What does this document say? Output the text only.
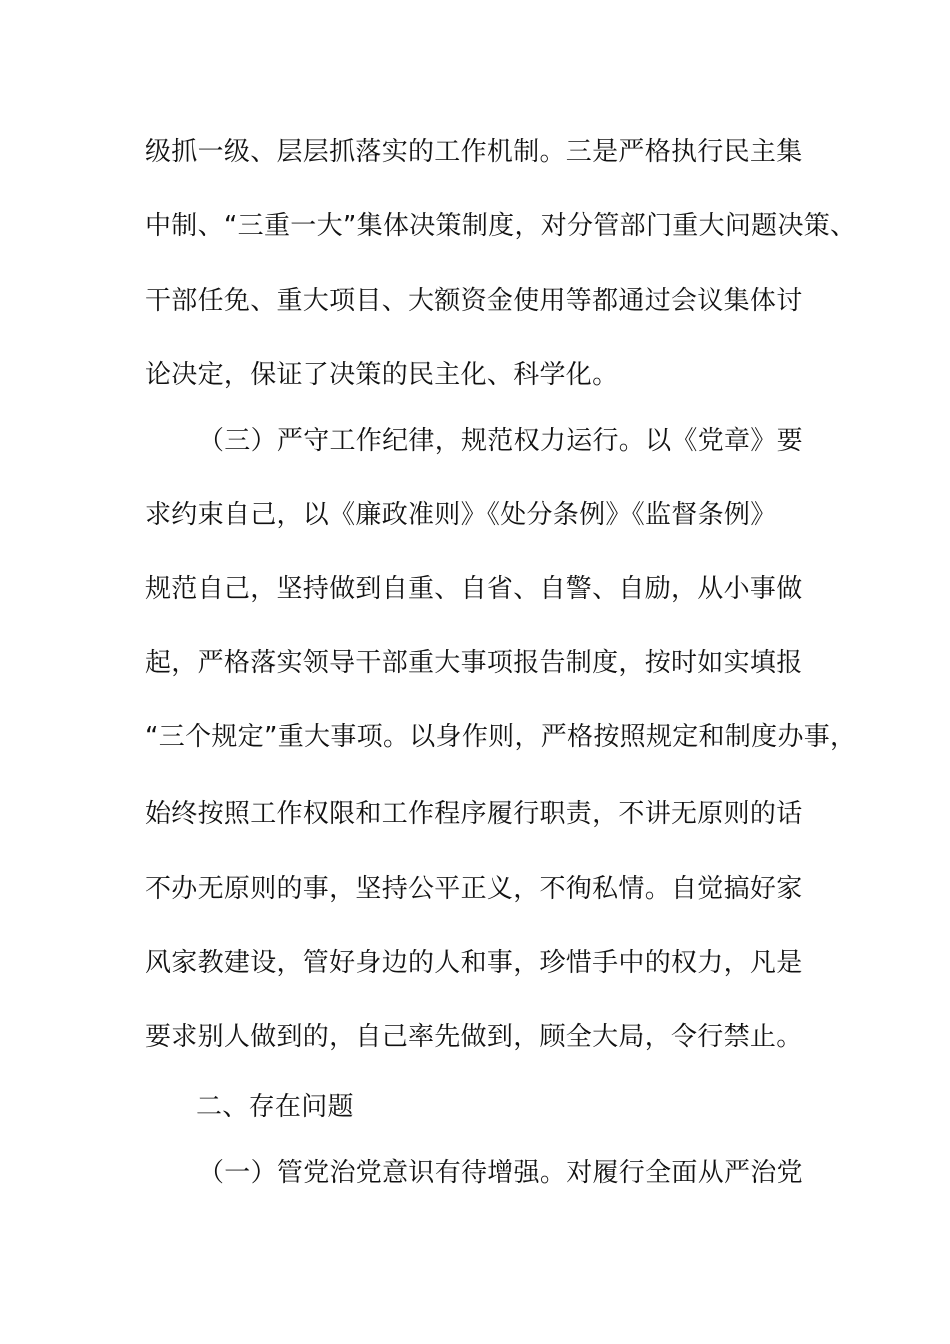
级抓一级、层层抓落实的工作机制。三是严格执行民主集
中制、“三重一大”集体决策制度，对分管部门重大问题决策、
干部任免、重大项目、大额资金使用等都通过会议集体讨
论决定，保证了决策的民主化、科学化。
（三）严守工作纪律，规范权力运行。以《党章》要
求约束自己，以《廉政准则》《处分条例》《监督条例》
规范自己，坚持做到自重、自省、自警、自励，从小事做
起，严格落实领导干部重大事项报告制度，按时如实填报
“三个规定”重大事项。以身作则，严格按照规定和制度办事，
始终按照工作权限和工作程序履行职责，不讲无原则的话
不办无原则的事，坚持公平正义，不徇私情。自觉搞好家
风家教建设，管好身边的人和事，珍惜手中的权力，凡是
要求别人做到的，自己率先做到，顾全大局，令行禁止。
二、存在问题
（一）管党治党意识有待增强。对履行全面从严治党
